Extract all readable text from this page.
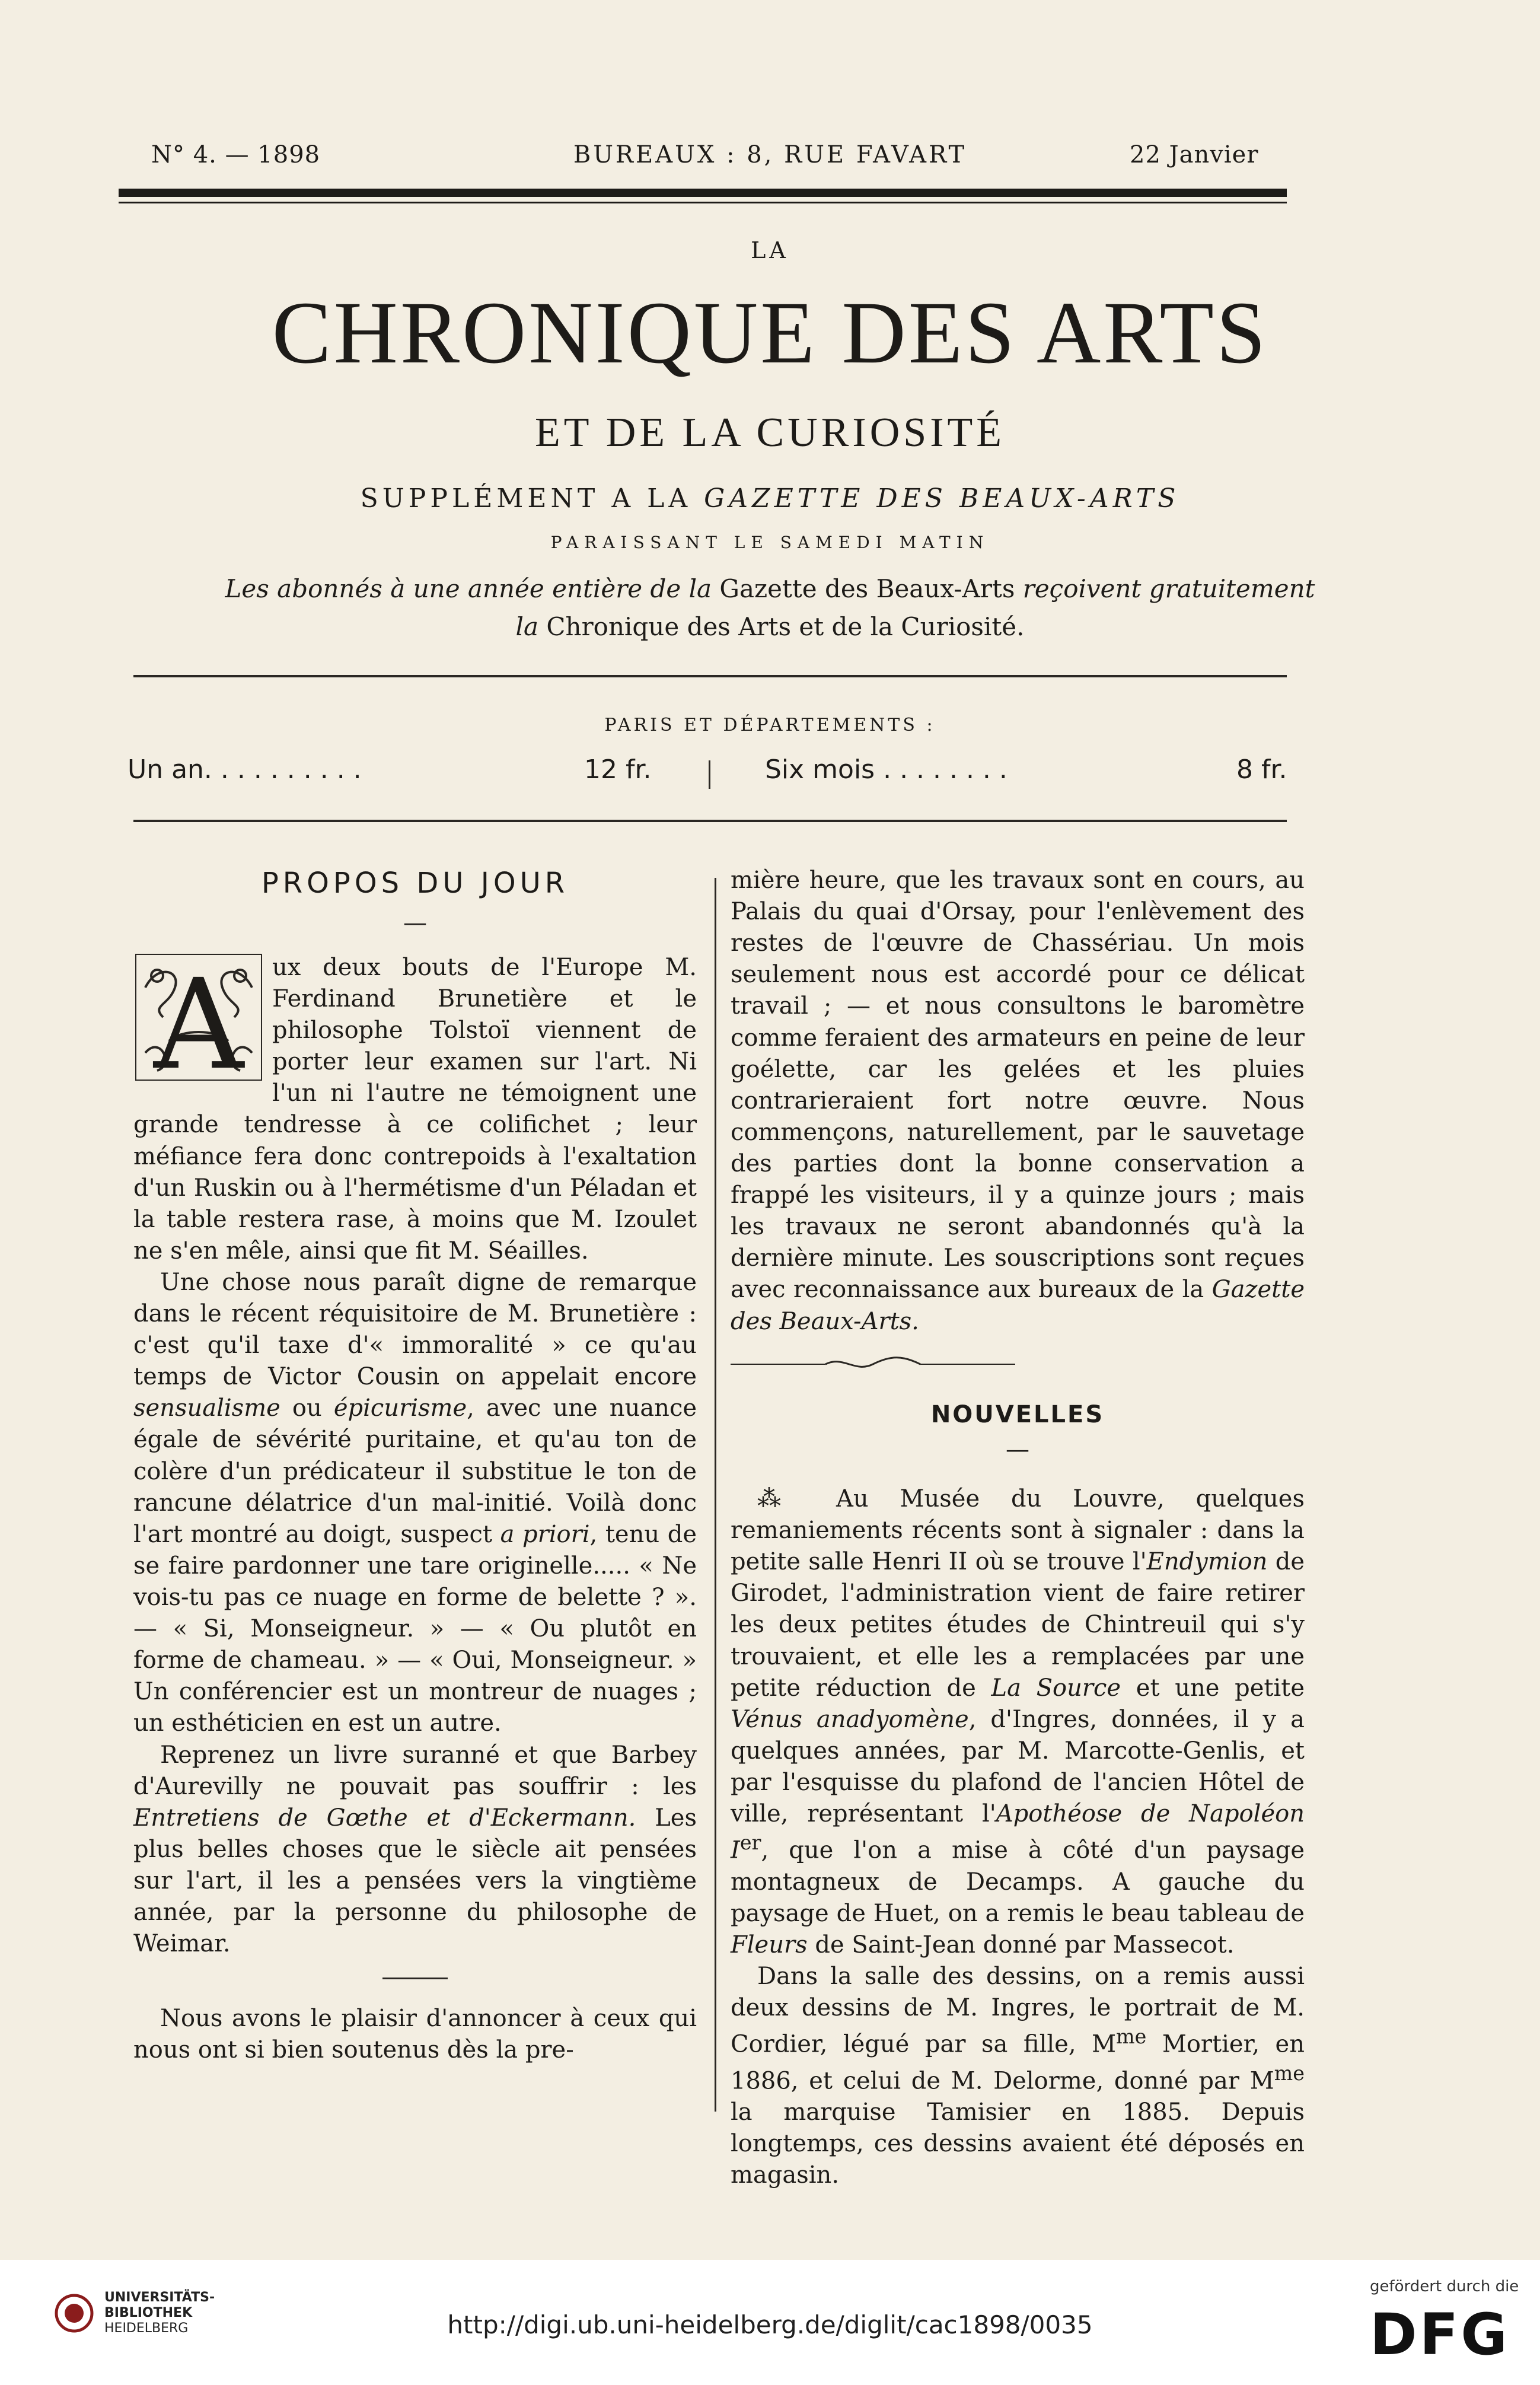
N° 4. — 1898	BUREAUX : 8, RUE FAVART	22 Janvier
LA
CHRONIQUE DES ARTS
ET DE LA CURIOSITÉ
SUPPLÉMENT A LA GAZETTE DES BEAUX-ARTS
PARAISSANT LE SAMEDI MATIN
Les abonnés à une année entière de la Gazette des Beaux-Arts reçoivent gratuitement
la Chronique des Arts et de la Curiosité.
PARIS ET DÉPARTEMENTS :
Un an. . . . . . . . . .	12 fr.	Six mois . . . . . . . .	8 fr.
PROPOS DU JOUR
—
A	ux deux bouts de l'Europe M. Ferdinand Brunetière et le philosophe Tolstoï viennent de porter leur examen sur l'art. Ni l'un ni l'autre ne témoignent une grande tendresse à ce colifichet ; leur méfiance fera donc contrepoids à l'exaltation d'un Ruskin ou à l'hermétisme d'un Péladan et la table restera rase, à moins que M. Izoulet ne s'en mêle, ainsi que fit M. Séailles.

Une chose nous paraît digne de remarque dans le récent réquisitoire de M. Brunetière : c'est qu'il taxe d'« immoralité » ce qu'au temps de Victor Cousin on appelait encore sensualisme ou épicurisme, avec une nuance égale de sévérité puritaine, et qu'au ton de colère d'un prédicateur il substitue le ton de rancune délatrice d'un mal-initié. Voilà donc l'art montré au doigt, suspect a priori, tenu de se faire pardonner une tare originelle..... « Ne vois-tu pas ce nuage en forme de belette ? ». — « Si, Monseigneur. » — « Ou plutôt en forme de chameau. » — « Oui, Monseigneur. » Un conférencier est un montreur de nuages ; un esthéticien en est un autre.

Reprenez un livre suranné et que Barbey d'Aurevilly ne pouvait pas souffrir : les Entretiens de Gœthe et d'Eckermann. Les plus belles choses que le siècle ait pensées sur l'art, il les a pensées vers la vingtième année, par la personne du philosophe de Weimar.

Nous avons le plaisir d'annoncer à ceux qui nous ont si bien soutenus dès la pre-

mière heure, que les travaux sont en cours, au Palais du quai d'Orsay, pour l'enlèvement des restes de l'œuvre de Chassériau. Un mois seulement nous est accordé pour ce délicat travail ; — et nous consultons le baromètre comme feraient des armateurs en peine de leur goélette, car les gelées et les pluies contrarieraient fort notre œuvre. Nous commençons, naturellement, par le sauvetage des parties dont la bonne conservation a frappé les visiteurs, il y a quinze jours ; mais les travaux ne seront abandonnés qu'à la dernière minute. Les souscriptions sont reçues avec reconnaissance aux bureaux de la Gazette des Beaux-Arts.

NOUVELLES
—

⁂ Au Musée du Louvre, quelques remaniements récents sont à signaler : dans la petite salle Henri II où se trouve l'Endymion de Girodet, l'administration vient de faire retirer les deux petites études de Chintreuil qui s'y trouvaient, et elle les a remplacées par une petite réduction de La Source et une petite Vénus anadyomène, d'Ingres, données, il y a quelques années, par M. Marcotte-Genlis, et par l'esquisse du plafond de l'ancien Hôtel de ville, représentant l'Apothéose de Napoléon Ier, que l'on a mise à côté d'un paysage montagneux de Decamps. A gauche du paysage de Huet, on a remis le beau tableau de Fleurs de Saint-Jean donné par Massecot.

Dans la salle des dessins, on a remis aussi deux dessins de M. Ingres, le portrait de M. Cordier, légué par sa fille, $M^{me}$ Mortier, en 1886, et celui de M. Delorme, donné par $M^{me}$ la marquise Tamisier en 1885. Depuis longtemps, ces dessins avaient été déposés en magasin.

UNIVERSITÄTS-
BIBLIOTHEK
HEIDELBERG	http://digi.ub.uni-heidelberg.de/diglit/cac1898/0035
gefördert durch die
DFG
